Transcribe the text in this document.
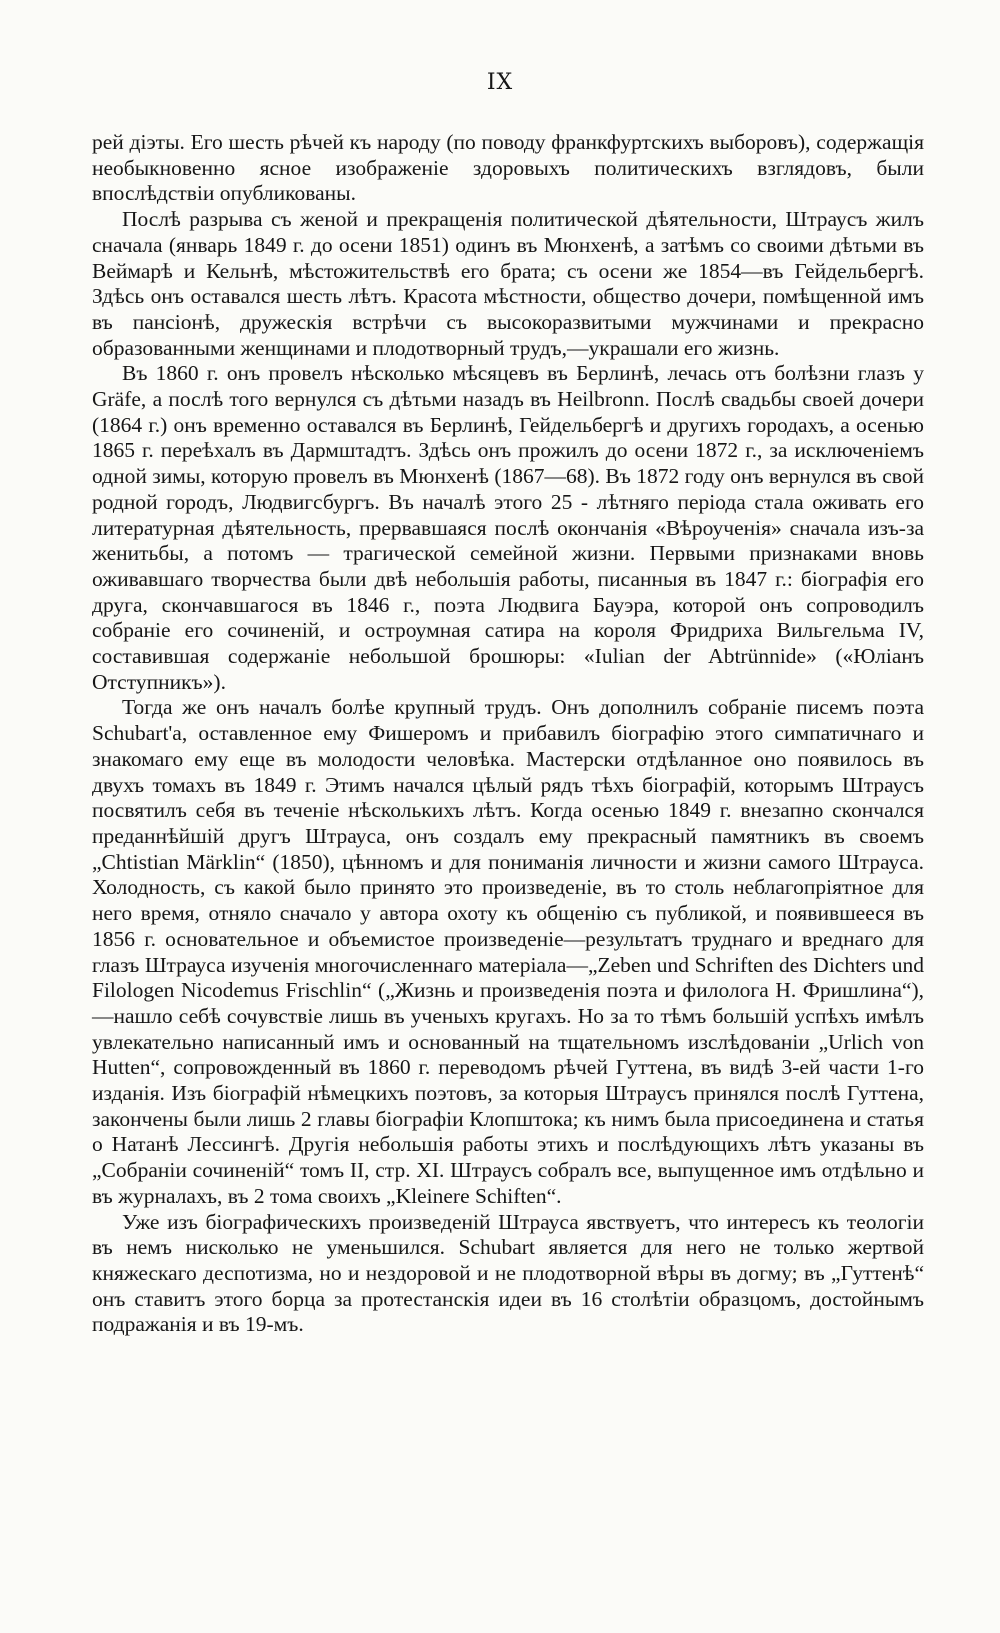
IX

рей діэты. Его шесть рѣчей къ народу (по поводу франкфуртскихъ выборовъ), содержащія необыкновенно ясное изображеніе здоровыхъ политическихъ взглядовъ, были впослѣдствіи опубликованы.

Послѣ разрыва съ женой и прекращенія политической дѣятельности, Штраусъ жилъ сначала (январь 1849 г. до осени 1851) одинъ въ Мюнхенѣ, а затѣмъ со своими дѣтьми въ Веймарѣ и Кельнѣ, мѣстожительствѣ его брата; съ осени же 1854—въ Гейдельбергѣ. Здѣсь онъ оставался шесть лѣтъ. Красота мѣстности, общество дочери, помѣщенной имъ въ пансіонѣ, дружескія встрѣчи съ высокоразвитыми мужчинами и прекрасно образованными женщинами и плодотворный трудъ,—украшали его жизнь.

Въ 1860 г. онъ провелъ нѣсколько мѣсяцевъ въ Берлинѣ, лечась отъ болѣзни глазъ у Gräfe, а послѣ того вернулся съ дѣтьми назадъ въ Heilbronn. Послѣ свадьбы своей дочери (1864 г.) онъ временно оставался въ Берлинѣ, Гейдельбергѣ и другихъ городахъ, а осенью 1865 г. переѣхалъ въ Дармштадтъ. Здѣсь онъ прожилъ до осени 1872 г., за исключеніемъ одной зимы, которую провелъ въ Мюнхенѣ (1867—68). Въ 1872 году онъ вернулся въ свой родной городъ, Людвигсбургъ. Въ началѣ этого 25 - лѣтняго періода стала оживать его литературная дѣятельность, прервавшаяся послѣ окончанія «Вѣроученія» сначала изъ-за женитьбы, а потомъ — трагической семейной жизни. Первыми признаками вновь оживавшаго творчества были двѣ небольшія работы, писанныя въ 1847 г.: біографія его друга, скончавшагося въ 1846 г., поэта Людвига Бауэра, которой онъ сопроводилъ собраніе его сочиненій, и остроумная сатира на короля Фридриха Вильгельма IV, составившая содержаніе небольшой брошюры: «Iulian der Abtrünnide» («Юліанъ Отступникъ»).

Тогда же онъ началъ болѣе крупный трудъ. Онъ дополнилъ собраніе писемъ поэта Schubart'a, оставленное ему Фишеромъ и прибавилъ біографію этого симпатичнаго и знакомаго ему еще въ молодости человѣка. Мастерски отдѣланное оно появилось въ двухъ томахъ въ 1849 г. Этимъ начался цѣлый рядъ тѣхъ біографій, которымъ Штраусъ посвятилъ себя въ теченіе нѣсколькихъ лѣтъ. Когда осенью 1849 г. внезапно скончался преданнѣйшій другъ Штрауса, онъ создалъ ему прекрасный памятникъ въ своемъ „Chtistian Märklin“ (1850), цѣнномъ и для пониманія личности и жизни самого Штрауса. Холодность, съ какой было принято это произведеніе, въ то столь неблагопріятное для него время, отняло сначало у автора охоту къ общенію съ публикой, и появившееся въ 1856 г. основательное и объемистое произведеніе—результатъ труднаго и вреднаго для глазъ Штрауса изученія многочисленнаго матеріала—„Zeben und Schriften des Dichters und Filologen Nicodemus Frischlin“ („Жизнь и произведенія поэта и филолога Н. Фришлина“),—нашло себѣ сочувствіе лишь въ ученыхъ кругахъ. Но за то тѣмъ большій успѣхъ имѣлъ увлекательно написанный имъ и основанный на тщательномъ изслѣдованіи „Urlich von Hutten“, сопровожденный въ 1860 г. переводомъ рѣчей Гуттена, въ видѣ 3-ей части 1-го изданія. Изъ біографій нѣмецкихъ поэтовъ, за которыя Штраусъ принялся послѣ Гуттена, закончены были лишь 2 главы біографіи Клопштока; къ нимъ была присоединена и статья о Натанѣ Лессингѣ. Другія небольшія работы этихъ и послѣдующихъ лѣтъ указаны въ „Собраніи сочиненій“ томъ II, стр. XI. Штраусъ собралъ все, выпущенное имъ отдѣльно и въ журналахъ, въ 2 тома своихъ „Kleinere Schiften“.

Уже изъ біографическихъ произведеній Штрауса явствуетъ, что интересъ къ теологіи въ немъ нисколько не уменьшился. Schubart является для него не только жертвой княжескаго деспотизма, но и нездоровой и не плодотворной вѣры въ догму; въ „Гуттенѣ“ онъ ставитъ этого борца за протестанскія идеи въ 16 столѣтіи образцомъ, достойнымъ подражанія и въ 19-мъ.
